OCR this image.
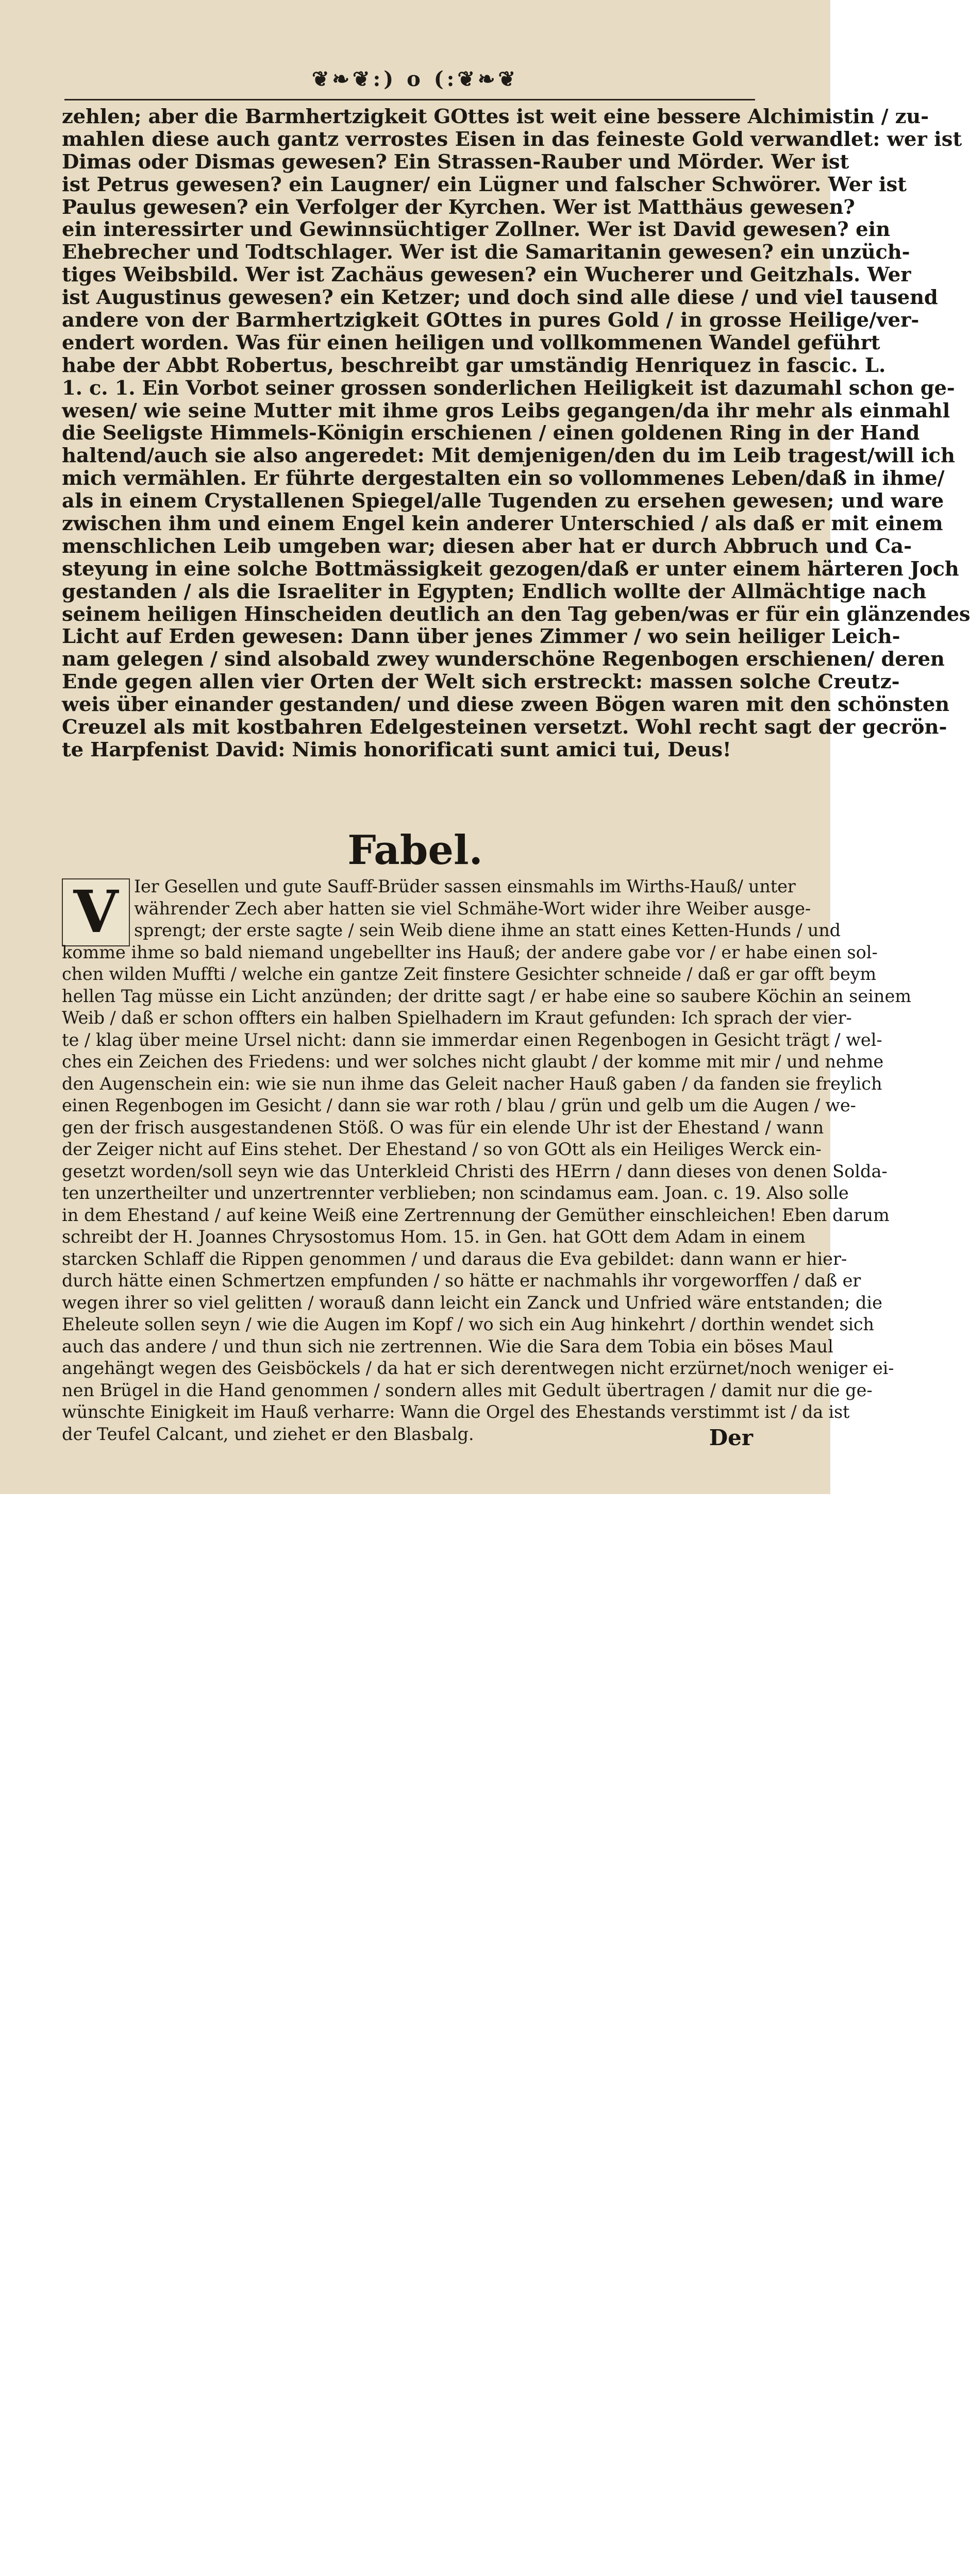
❦❧❦:) o (:❦❧❦
zehlen; aber die Barmhertzigkeit GOttes ist weit eine bessere Alchimistin / zu-
mahlen diese auch gantz verrostes Eisen in das feineste Gold verwandlet: wer ist
Dimas oder Dismas gewesen? Ein Strassen-Rauber und Mörder. Wer ist
ist Petrus gewesen? ein Laugner/ ein Lügner und falscher Schwörer. Wer ist
Paulus gewesen? ein Verfolger der Kyrchen. Wer ist Matthäus gewesen?
ein interessirter und Gewinnsüchtiger Zollner. Wer ist David gewesen? ein
Ehebrecher und Todtschlager. Wer ist die Samaritanin gewesen? ein unzüch-
tiges Weibsbild. Wer ist Zachäus gewesen? ein Wucherer und Geitzhals. Wer
ist Augustinus gewesen? ein Ketzer; und doch sind alle diese / und viel tausend
andere von der Barmhertzigkeit GOttes in pures Gold / in grosse Heilige/ver-
endert worden. Was für einen heiligen und vollkommenen Wandel geführt
habe der Abbt Robertus, beschreibt gar umständig Henriquez in fascic. L.
1. c. 1. Ein Vorbot seiner grossen sonderlichen Heiligkeit ist dazumahl schon ge-
wesen/ wie seine Mutter mit ihme gros Leibs gegangen/da ihr mehr als einmahl
die Seeligste Himmels-Königin erschienen / einen goldenen Ring in der Hand
haltend/auch sie also angeredet: Mit demjenigen/den du im Leib tragest/will ich
mich vermählen. Er führte dergestalten ein so vollommenes Leben/daß in ihme/
als in einem Crystallenen Spiegel/alle Tugenden zu ersehen gewesen; und ware
zwischen ihm und einem Engel kein anderer Unterschied / als daß er mit einem
menschlichen Leib umgeben war; diesen aber hat er durch Abbruch und Ca-
steyung in eine solche Bottmässigkeit gezogen/daß er unter einem härteren Joch
gestanden / als die Israeliter in Egypten; Endlich wollte der Allmächtige nach
seinem heiligen Hinscheiden deutlich an den Tag geben/was er für ein glänzendes
Licht auf Erden gewesen: Dann über jenes Zimmer / wo sein heiliger Leich-
nam gelegen / sind alsobald zwey wunderschöne Regenbogen erschienen/ deren
Ende gegen allen vier Orten der Welt sich erstreckt: massen solche Creutz-
weis über einander gestanden/ und diese zween Bögen waren mit den schönsten
Creuzel als mit kostbahren Edelgesteinen versetzt. Wohl recht sagt der gecrön-
te Harpfenist David: Nimis honorificati sunt amici tui, Deus!
Fabel.
V Ier Gesellen und gute Sauff-Brüder sassen einsmahls im Wirths-Hauß/ unter
währender Zech aber hatten sie viel Schmähe-Wort wider ihre Weiber ausge-
sprengt; der erste sagte / sein Weib diene ihme an statt eines Ketten-Hunds / und
komme ihme so bald niemand ungebellter ins Hauß; der andere gabe vor / er habe einen sol-
chen wilden Muffti / welche ein gantze Zeit finstere Gesichter schneide / daß er gar offt beym
hellen Tag müsse ein Licht anzünden; der dritte sagt / er habe eine so saubere Köchin an seinem
Weib / daß er schon offters ein halben Spielhadern im Kraut gefunden: Ich sprach der vier-
te / klag über meine Ursel nicht: dann sie immerdar einen Regenbogen in Gesicht trägt / wel-
ches ein Zeichen des Friedens: und wer solches nicht glaubt / der komme mit mir / und nehme
den Augenschein ein: wie sie nun ihme das Geleit nacher Hauß gaben / da fanden sie freylich
einen Regenbogen im Gesicht / dann sie war roth / blau / grün und gelb um die Augen / we-
gen der frisch ausgestandenen Stöß. O was für ein elende Uhr ist der Ehestand / wann
der Zeiger nicht auf Eins stehet. Der Ehestand / so von GOtt als ein Heiliges Werck ein-
gesetzt worden/soll seyn wie das Unterkleid Christi des HErrn / dann dieses von denen Solda-
ten unzertheilter und unzertrennter verblieben; non scindamus eam. Joan. c. 19. Also solle
in dem Ehestand / auf keine Weiß eine Zertrennung der Gemüther einschleichen! Eben darum
schreibt der H. Joannes Chrysostomus Hom. 15. in Gen. hat GOtt dem Adam in einem
starcken Schlaff die Rippen genommen / und daraus die Eva gebildet: dann wann er hier-
durch hätte einen Schmertzen empfunden / so hätte er nachmahls ihr vorgeworffen / daß er
wegen ihrer so viel gelitten / worauß dann leicht ein Zanck und Unfried wäre entstanden; die
Eheleute sollen seyn / wie die Augen im Kopf / wo sich ein Aug hinkehrt / dorthin wendet sich
auch das andere / und thun sich nie zertrennen. Wie die Sara dem Tobia ein böses Maul
angehängt wegen des Geisböckels / da hat er sich derentwegen nicht erzürnet/noch weniger ei-
nen Brügel in die Hand genommen / sondern alles mit Gedult übertragen / damit nur die ge-
wünschte Einigkeit im Hauß verharre: Wann die Orgel des Ehestands verstimmt ist / da ist
der Teufel Calcant, und ziehet er den Blasbalg.	Der
